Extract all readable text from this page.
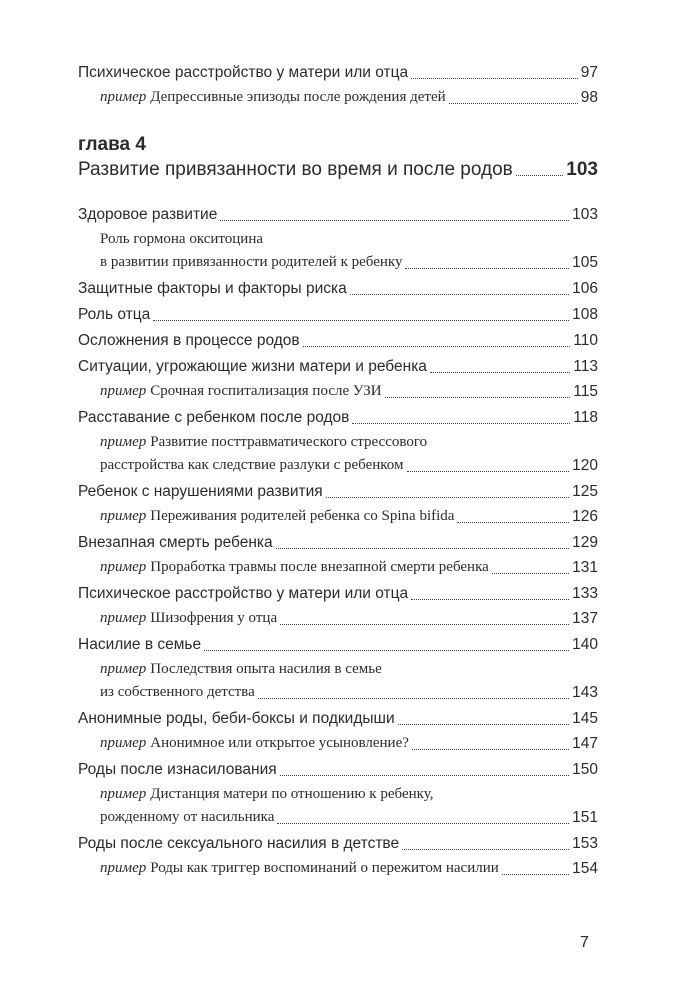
Психическое расстройство у матери или отца	97
пример Депрессивные эпизоды после рождения детей	98
глава 4
Развитие привязанности во время и после родов	103
Здоровое развитие	103
Роль гормона окситоцина
в развитии привязанности родителей к ребенку	105
Защитные факторы и факторы риска	106
Роль отца	108
Осложнения в процессе родов	110
Ситуации, угрожающие жизни матери и ребенка	113
пример Срочная госпитализация после УЗИ	115
Расставание с ребенком после родов	118
пример Развитие посттравматического стрессового
расстройства как следствие разлуки с ребенком	120
Ребенок с нарушениями развития	125
пример Переживания родителей ребенка со Spina bifida	126
Внезапная смерть ребенка	129
пример Проработка травмы после внезапной смерти ребенка	131
Психическое расстройство у матери или отца	133
пример Шизофрения у отца	137
Насилие в семье	140
пример Последствия опыта насилия в семье
из собственного детства	143
Анонимные роды, беби-боксы и подкидыши	145
пример Анонимное или открытое усыновление?	147
Роды после изнасилования	150
пример Дистанция матери по отношению к ребенку,
рожденному от насильника	151
Роды после сексуального насилия в детстве	153
пример Роды как триггер воспоминаний о пережитом насилии	154
7
